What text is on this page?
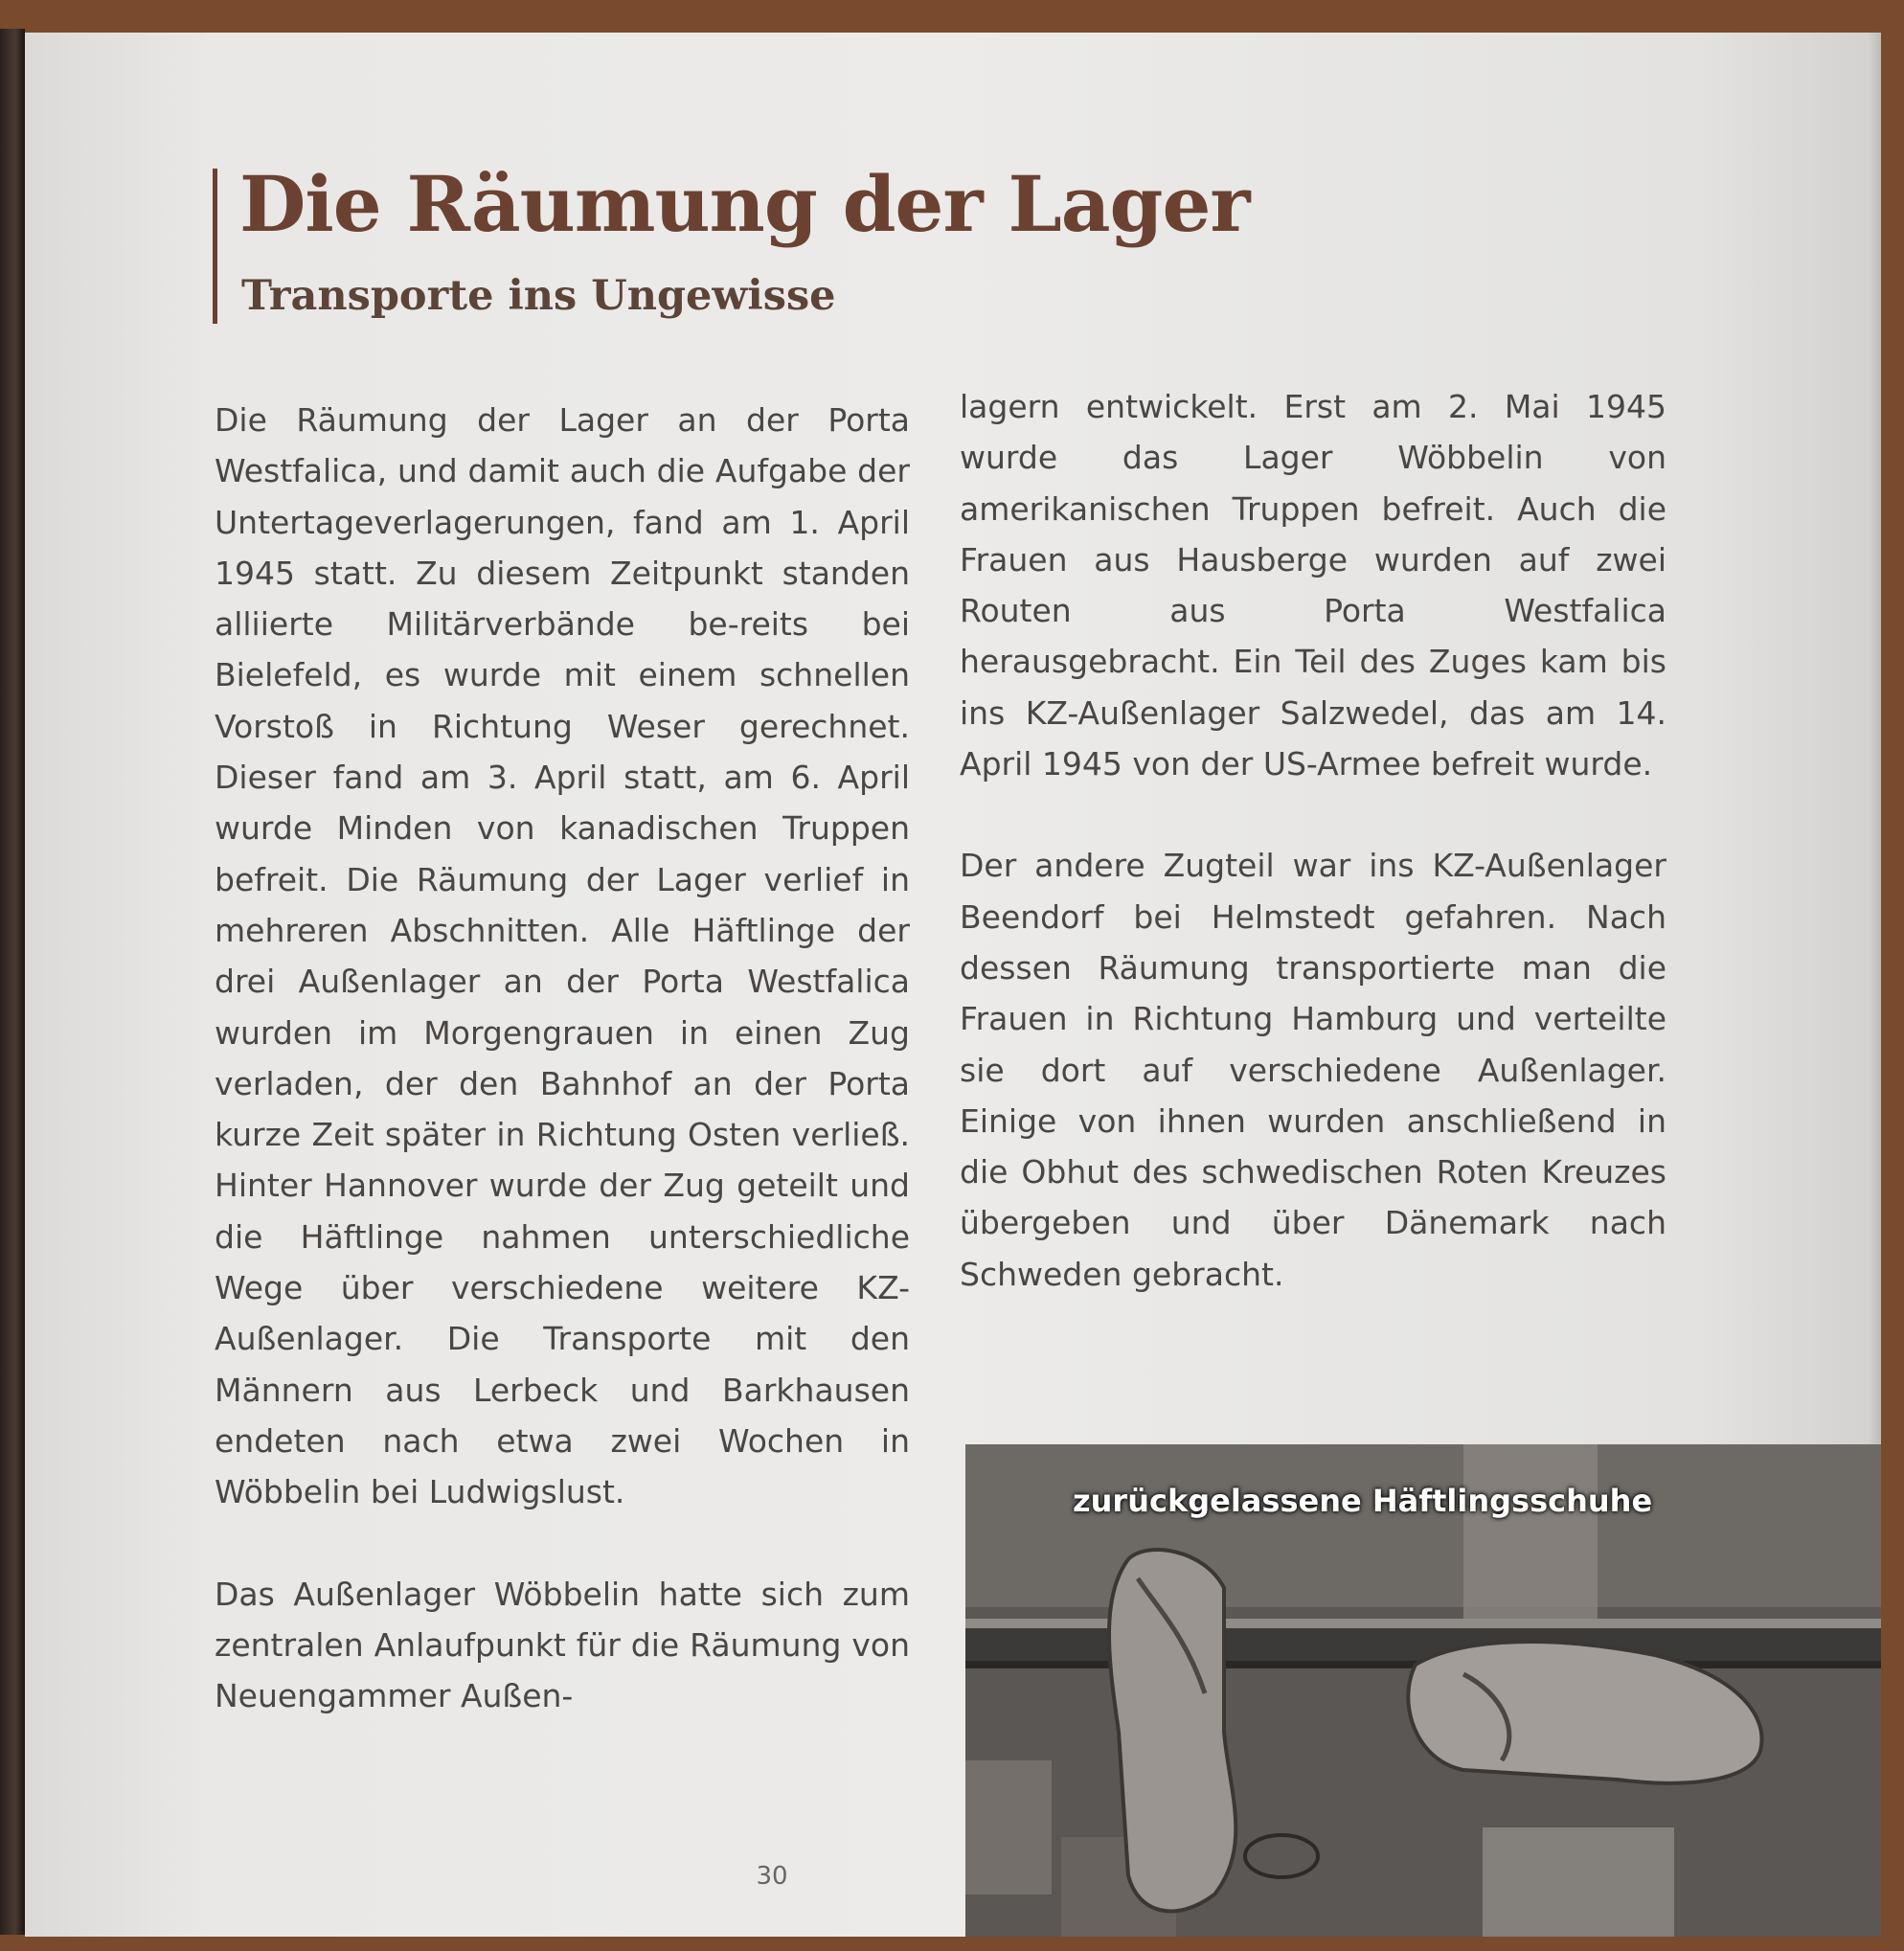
Die Räumung der Lager
Transporte ins Ungewisse

Die Räumung der Lager an der Porta Westfalica, und damit auch die Aufgabe der Untertageverlagerungen, fand am 1. April 1945 statt. Zu diesem Zeitpunkt standen alliierte Militärverbände be-reits bei Bielefeld, es wurde mit einem schnellen Vorstoß in Richtung Weser gerechnet. Dieser fand am 3. April statt, am 6. April wurde Minden von kanadischen Truppen befreit. Die Räumung der Lager verlief in mehreren Abschnitten. Alle Häftlinge der drei Außenlager an der Porta Westfalica wurden im Morgengrauen in einen Zug verladen, der den Bahnhof an der Porta kurze Zeit später in Richtung Osten verließ. Hinter Hannover wurde der Zug geteilt und die Häftlinge nahmen unterschiedliche Wege über verschiedene weitere KZ-Außenlager. Die Transporte mit den Männern aus Lerbeck und Barkhausen endeten nach etwa zwei Wochen in Wöbbelin bei Ludwigslust.

Das Außenlager Wöbbelin hatte sich zum zentralen Anlaufpunkt für die Räumung von Neuengammer Außen-

lagern entwickelt. Erst am 2. Mai 1945 wurde das Lager Wöbbelin von amerikanischen Truppen befreit. Auch die Frauen aus Hausberge wurden auf zwei Routen aus Porta Westfalica herausgebracht. Ein Teil des Zuges kam bis ins KZ-Außenlager Salzwedel, das am 14. April 1945 von der US-Armee befreit wurde.

Der andere Zugteil war ins KZ-Außenlager Beendorf bei Helmstedt gefahren. Nach dessen Räumung transportierte man die Frauen in Richtung Hamburg und verteilte sie dort auf verschiedene Außenlager. Einige von ihnen wurden anschließend in die Obhut des schwedischen Roten Kreuzes übergeben und über Dänemark nach Schweden gebracht.

zurückgelassene Häftlingsschuhe
30
